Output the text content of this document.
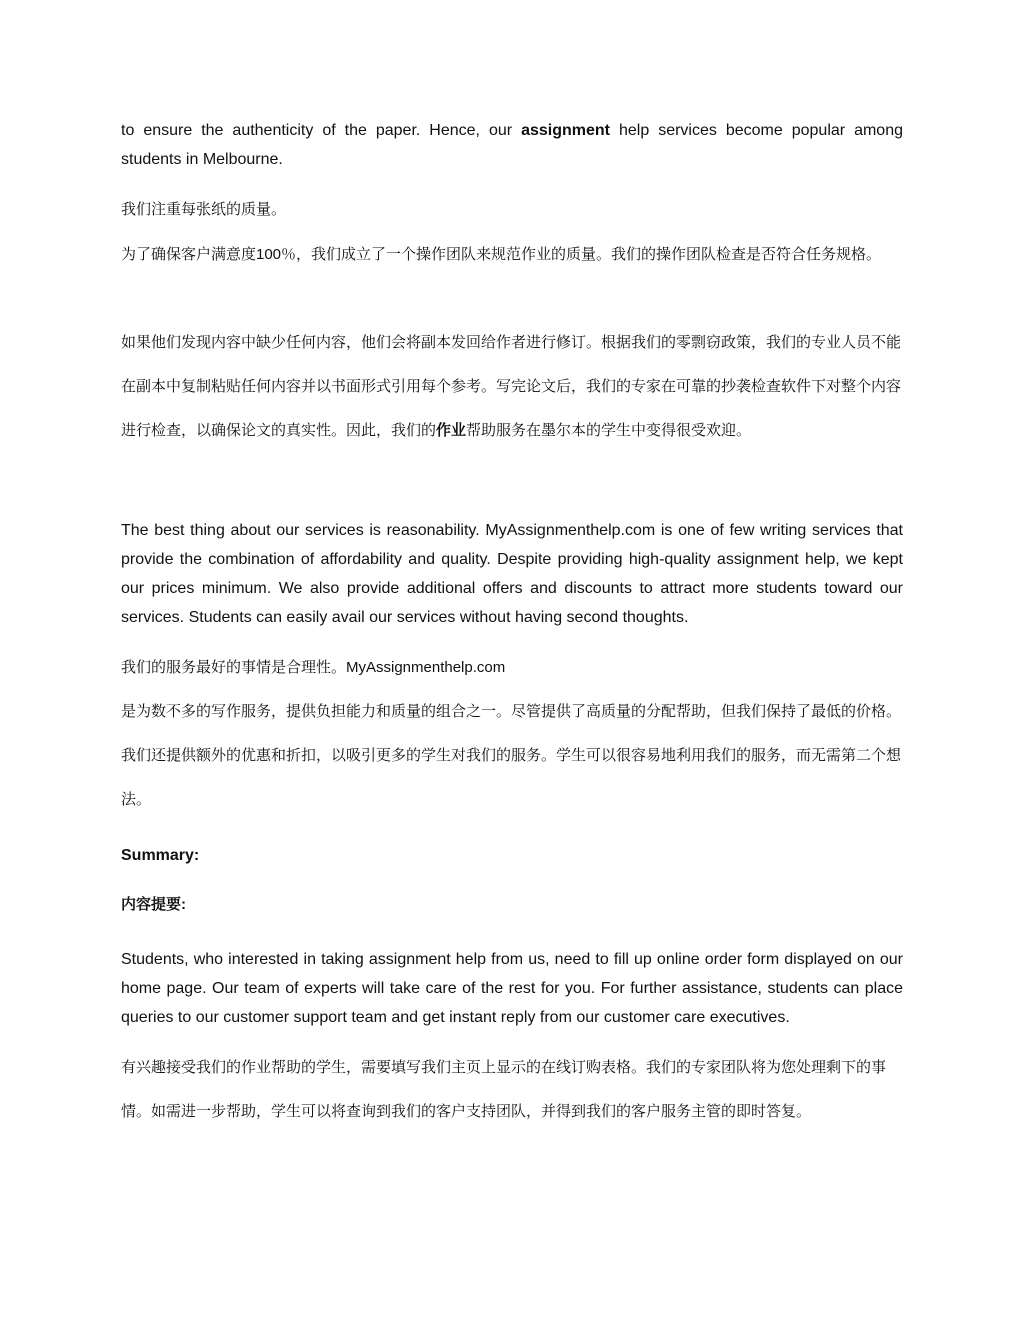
to ensure the authenticity of the paper. Hence, our assignment help services become popular among students in Melbourne.

我们注重每张纸的质量。

为了确保客户满意度100％，我们成立了一个操作团队来规范作业的质量。我们的操作团队检查是否符合任务规格。

如果他们发现内容中缺少任何内容，他们会将副本发回给作者进行修订。根据我们的零剽窃政策，我们的专业人员不能在副本中复制粘贴任何内容并以书面形式引用每个参考。写完论文后，我们的专家在可靠的抄袭检查软件下对整个内容进行检查，以确保论文的真实性。因此，我们的作业帮助服务在墨尔本的学生中变得很受欢迎。

The best thing about our services is reasonability. MyAssignmenthelp.com is one of few writing services that provide the combination of affordability and quality. Despite providing high-quality assignment help, we kept our prices minimum. We also provide additional offers and discounts to attract more students toward our services. Students can easily avail our services without having second thoughts.

我们的服务最好的事情是合理性。MyAssignmenthelp.com

是为数不多的写作服务，提供负担能力和质量的组合之一。尽管提供了高质量的分配帮助，但我们保持了最低的价格。我们还提供额外的优惠和折扣，以吸引更多的学生对我们的服务。学生可以很容易地利用我们的服务，而无需第二个想法。

Summary:

内容提要:

Students, who interested in taking assignment help from us, need to fill up online order form displayed on our home page. Our team of experts will take care of the rest for you. For further assistance, students can place queries to our customer support team and get instant reply from our customer care executives.

有兴趣接受我们的作业帮助的学生，需要填写我们主页上显示的在线订购表格。我们的专家团队将为您处理剩下的事情。如需进一步帮助，学生可以将查询到我们的客户支持团队，并得到我们的客户服务主管的即时答复。
